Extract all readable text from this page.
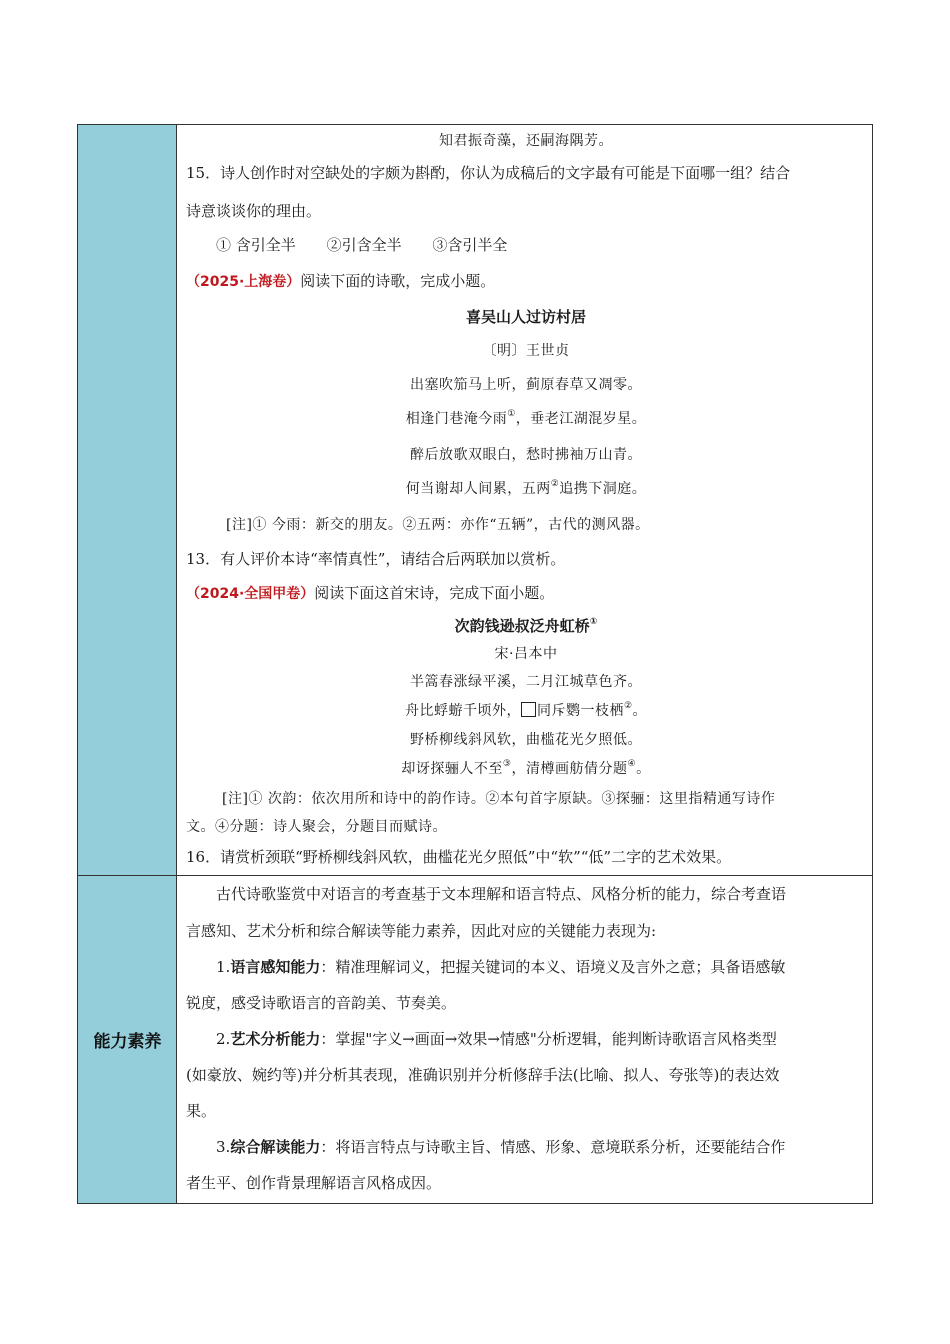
能力素养
知君振奇藻，还嗣海隅芳。
15．诗人创作时对空缺处的字颇为斟酌，你认为成稿后的文字最有可能是下面哪一组？结合
诗意谈谈你的理由。
① 含引全半 ②引含全半 ③含引半全
（2025·上海卷）阅读下面的诗歌，完成小题。
喜吴山人过访村居
〔明〕王世贞
出塞吹笳马上听，蓟原春草又凋零。
相逢门巷淹今雨①，垂老江湖混岁星。
醉后放歌双眼白，愁时拂袖万山青。
何当谢却人间累，五两②追携下洞庭。
[注]① 今雨：新交的朋友。②五两：亦作“五辆”，古代的测风器。
13．有人评价本诗“率情真性”，请结合后两联加以赏析。
（2024·全国甲卷）阅读下面这首宋诗，完成下面小题。
次韵钱逊叔泛舟虹桥①
宋·吕本中
半篙春涨绿平溪，二月江城草色齐。
舟比蜉蝣千顷外， 同斥鹦一枝栖②。
野桥柳线斜风软，曲槛花光夕照低。
却讶探骊人不至③，清樽画舫倩分题④。
[注]① 次韵：依次用所和诗中的韵作诗。②本句首字原缺。③探骊：这里指精通写诗作
文。④分题：诗人聚会，分题目而赋诗。
16．请赏析颈联“野桥柳线斜风软，曲槛花光夕照低”中“软”“低”二字的艺术效果。
古代诗歌鉴赏中对语言的考查基于文本理解和语言特点、风格分析的能力，综合考查语
言感知、艺术分析和综合解读等能力素养，因此对应的关键能力表现为:
1.语言感知能力：精准理解词义，把握关键词的本义、语境义及言外之意；具备语感敏
锐度，感受诗歌语言的音韵美、节奏美。
2.艺术分析能力：掌握"字义→画面→效果→情感"分析逻辑，能判断诗歌语言风格类型
(如豪放、婉约等)并分析其表现，准确识别并分析修辞手法(比喻、拟人、夸张等)的表达效
果。
3.综合解读能力：将语言特点与诗歌主旨、情感、形象、意境联系分析，还要能结合作
者生平、创作背景理解语言风格成因。
